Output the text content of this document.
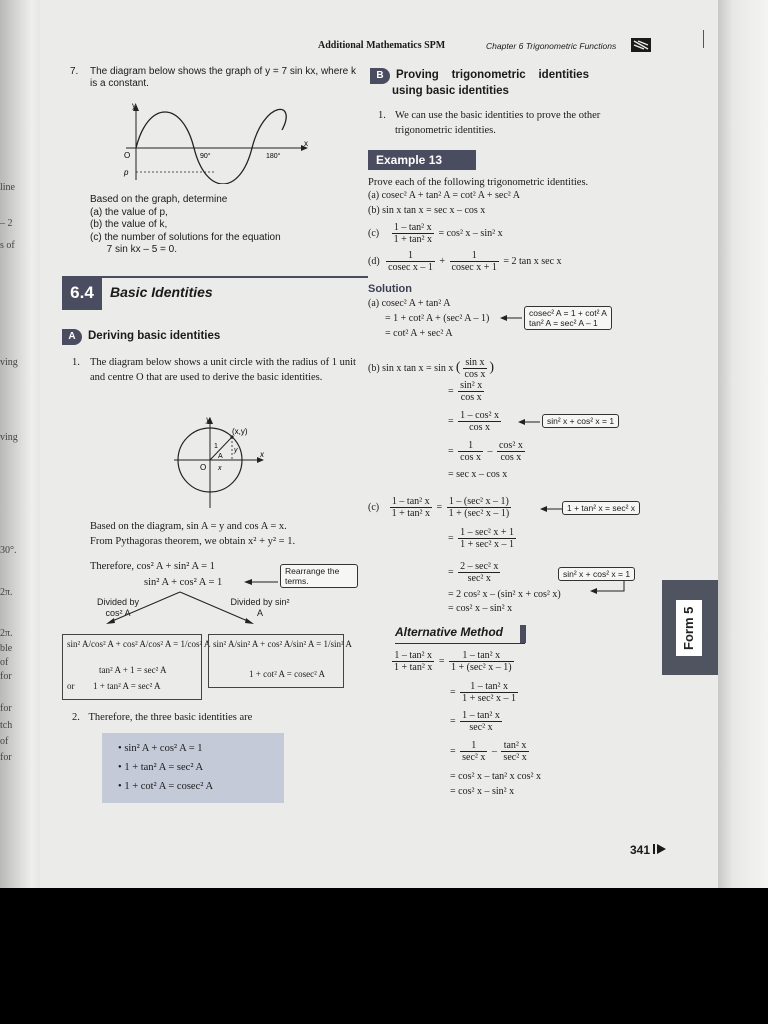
line
– 2
s of
ving
ving
30°.
2π.
2π.
ble
of
for
for
tch
of
for
Additional Mathematics SPM	Chapter 6 Trigonometric Functions
7. The diagram below shows the graph of y = 7 sin kx, where k is a constant.
y
x
O	90°	180°
p
Based on the graph, determine
(a) the value of p,
(b) the value of k,
(c) the number of solutions for the equation
7 sin kx – 5 = 0.
6.4	Basic Identities
A Deriving basic identities
1. The diagram below shows a unit circle with the radius of 1 unit and centre O that are used to derive the basic identities.
y
x
O
(x,y)
1
A
y
x
Based on the diagram, sin A = y and cos A = x.
From Pythagoras theorem, we obtain x² + y² = 1.
Therefore, cos² A + sin² A = 1
sin² A + cos² A = 1
Rearrange the terms.
Divided by cos² A
Divided by sin² A
sin² A/cos² A + cos² A/cos² A = 1/cos² A
tan² A + 1 = sec² A
or 1 + tan² A = sec² A
sin² A/sin² A + cos² A/sin² A = 1/sin² A
1 + cot² A = cosec² A
2. Therefore, the three basic identities are
• sin² A + cos² A = 1
• 1 + tan² A = sec² A
• 1 + cot² A = cosec² A
B Proving    trigonometric    identities
using basic identities
1. We can use the basic identities to prove the other trigonometric identities.
Example 13
Prove each of the following trigonometric identities.
(a) cosec² A + tan² A = cot² A + sec² A
(b) sin x tan x = sec x – cos x
$(c) \frac{\text{1 – tan² x}}{\text{1 + tan² x}} = \cos^2$ x – sin² x
$(d) \frac{1}{\text{cosec x – 1}} + \frac{1}{\text{cosec x + 1}} = 2$ tan x sec x
Solution
(a) cosec² A + tan² A
= 1 + cot² A + (sec² A – 1)
= cot² A + sec² A
cosec² A = 1 + cot² A
tan² A = sec² A – 1
(b) sin x tan x = sin x ( $\frac{\text{sin x}}{\text{cos x}}$ )
= $\frac{\text{sin² x}}{\text{cos x}}$
= $\frac{\text{1 – cos² x}}{\text{cos x}}$	sin² x + cos² x = 1
= $\frac{1}{\text{cos x}} - \frac{\text{cos² x}}{\text{cos x}}$
= sec x – cos x
$(c) \frac{\text{1 – tan² x}}{\text{1 + tan² x}} = \frac{\text{1 – (sec² x – 1)}}{\text{1 + (sec² x – 1)}}$	1 + tan² x = sec² x
= $\frac{\text{1 – sec² x + 1}}{\text{1 + sec² x – 1}}$
= $\frac{\text{2 – sec² x}}{\text{sec² x}}$	sin² x + cos² x = 1
= 2 cos² x – (sin² x + cos² x)
= cos² x – sin² x
Alternative Method
$\frac{\text{1 – tan² x}}{\text{1 + tan² x}} = \frac{\text{1 – tan² x}}{\text{1 + (sec² x – 1)}}$
= $\frac{\text{1 – tan² x}}{\text{1 + sec² x – 1}}$
= $\frac{\text{1 – tan² x}}{\text{sec² x}}$
= $\frac{1}{\text{sec² x}} - \frac{\text{tan² x}}{\text{sec² x}}$
= cos² x – tan² x cos² x
= cos² x – sin² x
Form 5
341
